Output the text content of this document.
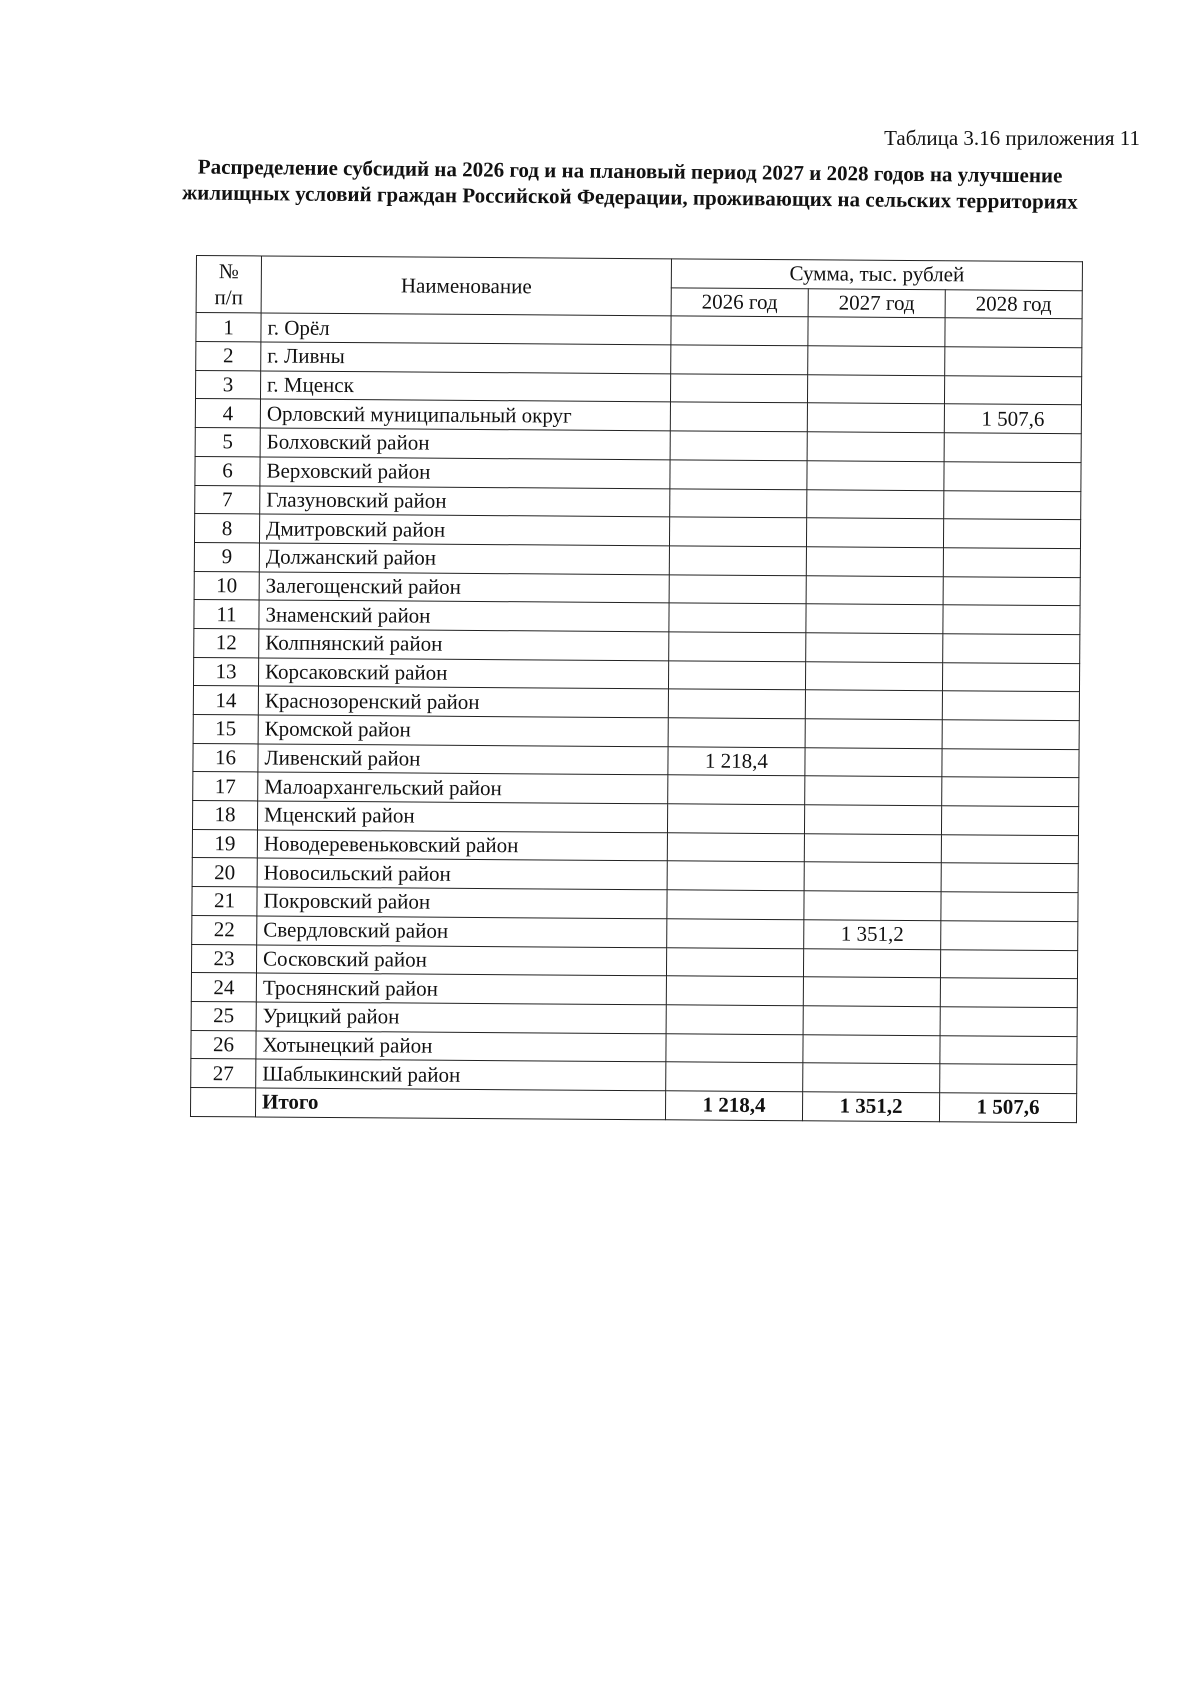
Таблица 3.16 приложения 11
Распределение субсидий на 2026 год и на плановый период 2027 и 2028 годов на улучшение жилищных условий граждан Российской Федерации, проживающих на сельских территориях
№
п/п	Наименование	Сумма, тыс. рублей		
		2026 год	2027 год	2028 год
1	г. Орёл			
2	г. Ливны			
3	г. Мценск			
4	Орловский муниципальный округ			1 507,6
5	Болховский район			
6	Верховский район			
7	Глазуновский район			
8	Дмитровский район			
9	Должанский район			
10	Залегощенский район			
11	Знаменский район			
12	Колпнянский район			
13	Корсаковский район			
14	Краснозоренский район			
15	Кромской район			
16	Ливенский район	1 218,4		
17	Малоархангельский район			
18	Мценский район			
19	Новодеревеньковский район			
20	Новосильский район			
21	Покровский район			
22	Свердловский район		1 351,2	
23	Сосковский район			
24	Троснянский район			
25	Урицкий район			
26	Хотынецкий район			
27	Шаблыкинский район			
	Итого	1 218,4	1 351,2	1 507,6
